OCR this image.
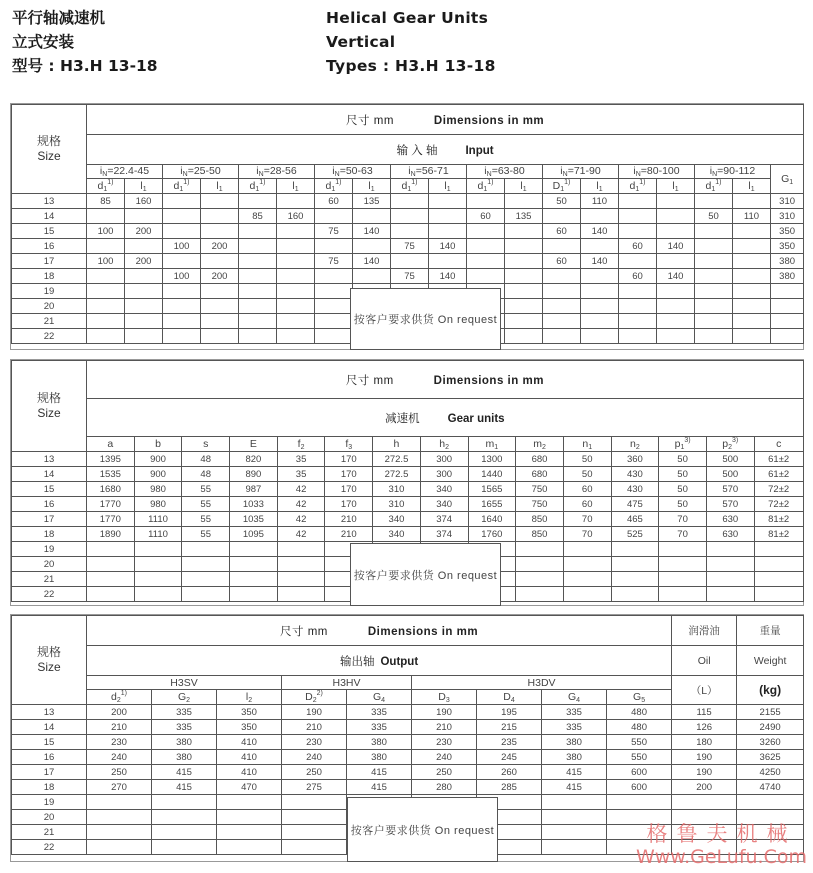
平行轴减速机
立式安装
型号 : H3.H 13-18
Helical Gear Units
Vertical
Types : H3.H 13-18
规格
Size	尺寸 mm Dimensions in mm																		
	输 入 轴 Input																		
	$i_N=22.4-45$		$i_N=25-50$		$i_N=28-56$		$i_N=50-63$		$i_N=56-71$		$i_N=63-80$		$i_N=71-90$		$i_N=80-100$		$i_N=90-112$		$G_1$
	$d_1^{1)}$	$l_1$	$d_1^{1)}$	$l_1$	$d_1^{1)}$	$l_1$	$d_1^{1)}$	$l_1$	$d_1^{1)}$	$l_1$	$d_1^{1)}$	$l_1$	$D_1^{1)}$	$l_1$	$d_1^{1)}$	$l_1$	$d_1^{1)}$	$l_1$
13	85	160					60	135					50	110					310
14					85	160					60	135					50	110	310
15	100	200					75	140					60	140					350
16			100	200					75	140					60	140			350
17	100	200					75	140					60	140					380
18			100	200					75	140					60	140			380
19																			
20																			
21																			
22																			
按客户要求供货 On request
规格
Size	尺寸 mm Dimensions in mm														
	减速机 Gear units														
	a	b	s	E	$f_2$	$f_3$	h	$h_2$	$m_1$	$m_2$	$n_1$	$n_2$	$p_1^{3)}$	$p_2^{3)}$	c
13	1395	900	48	820	35	170	272.5	300	1300	680	50	360	50	500	61±2
14	1535	900	48	890	35	170	272.5	300	1440	680	50	430	50	500	61±2
15	1680	980	55	987	42	170	310	340	1565	750	60	430	50	570	72±2
16	1770	980	55	1033	42	170	310	340	1655	750	60	475	50	570	72±2
17	1770	1110	55	1035	42	210	340	374	1640	850	70	465	70	630	81±2
18	1890	1110	55	1095	42	210	340	374	1760	850	70	525	70	630	81±2
19															
20															
21															
22															
按客户要求供货 On request
规格
Size	尺寸 mm Dimensions in mm									润滑油	重量
	输出轴 Output									Oil	Weight
	H3SV			H3HV		H3DV				（L）	(kg)
	$d_2^{1)}$	$G_2$	$l_2$	$D_2^{2)}$	$G_4$	$D_3$	$D_4$	$G_4$	$G_5$
13	200	335	350	190	335	190	195	335	480	115	2155
14	210	335	350	210	335	210	215	335	480	126	2490
15	230	380	410	230	380	230	235	380	550	180	3260
16	240	380	410	240	380	240	245	380	550	190	3625
17	250	415	410	250	415	250	260	415	600	190	4250
18	270	415	470	275	415	280	285	415	600	200	4740
19											
20											
21											
22											
按客户要求供货 On request	格鲁夫机械
Www.GeLufu.Com
